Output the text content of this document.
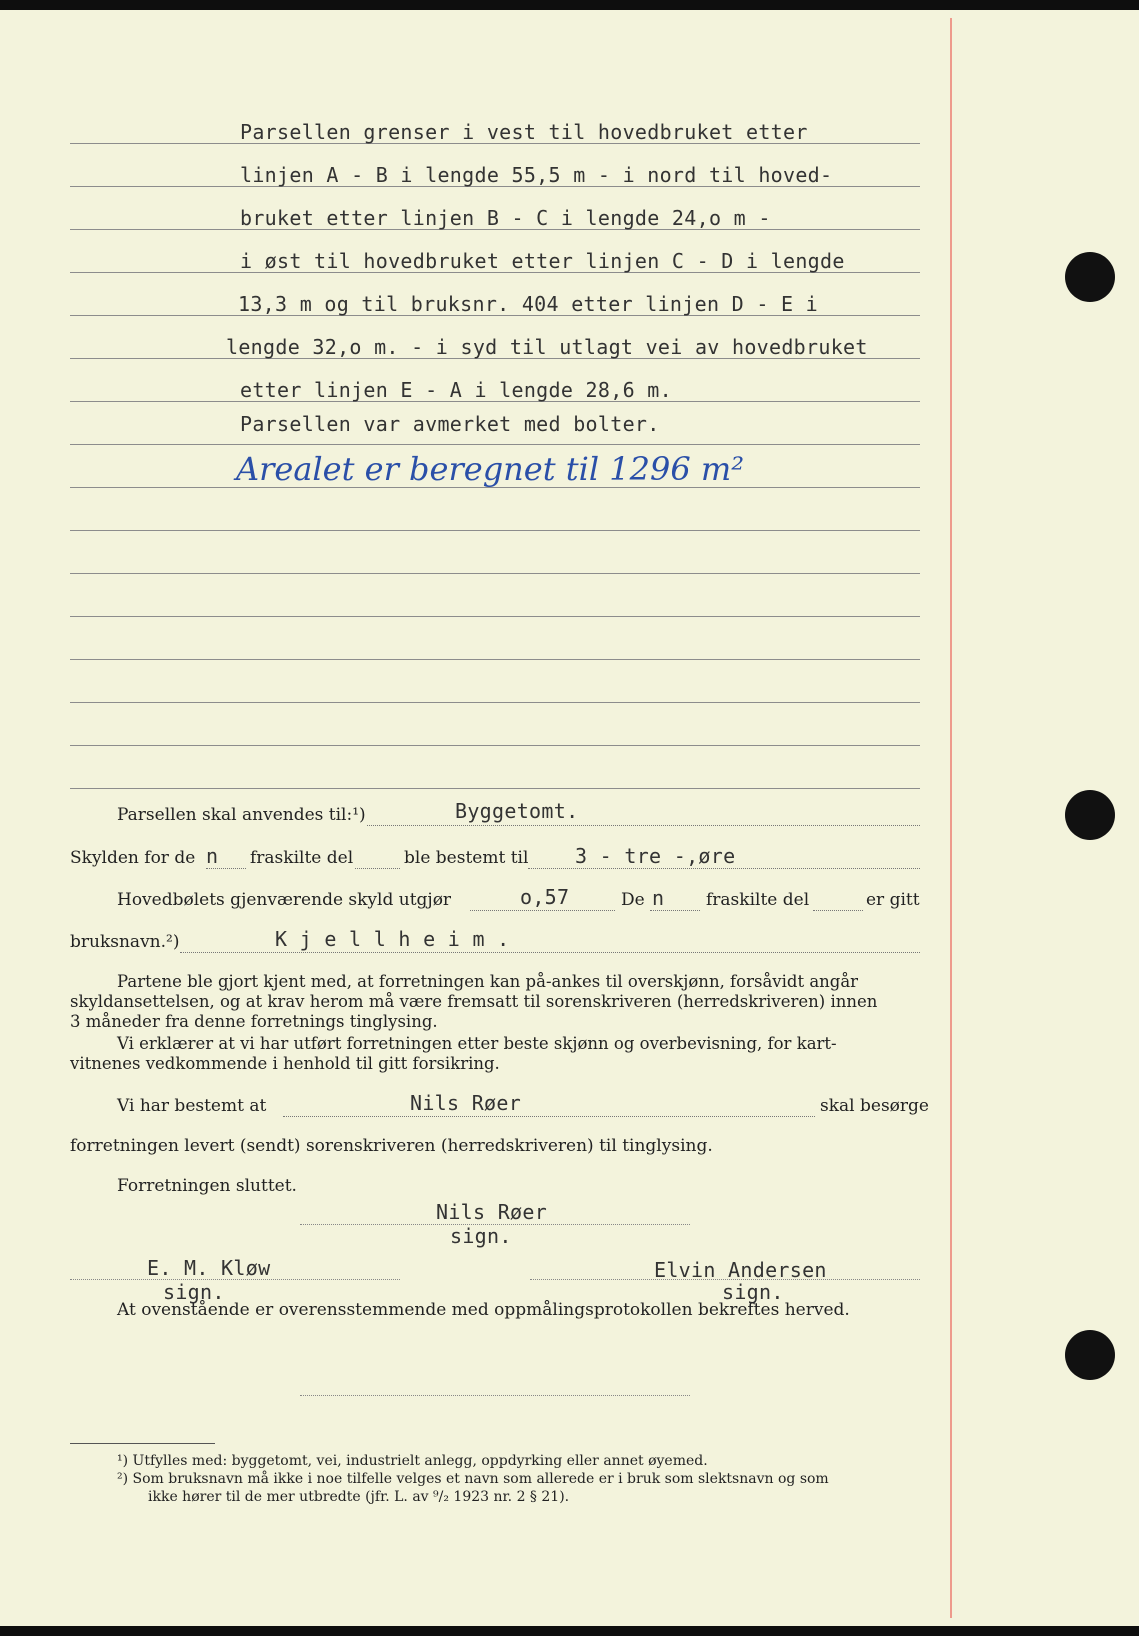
Parsellen grenser i vest til hovedbruket etter
linjen A - B i lengde 55,5 m - i nord til hoved-
bruket etter linjen B - C i lengde 24,o m -
i øst til hovedbruket etter linjen C - D i lengde
13,3 m og til bruksnr. 404 etter linjen D - E i
lengde 32,o m. - i syd til utlagt vei av hovedbruket
etter linjen E - A i lengde 28,6 m.
Parsellen var avmerket med bolter.
Arealet er beregnet til 1296 m²
Parsellen skal anvendes til:¹)	Byggetomt.
Skylden for de n fraskilte del	ble bestemt til 3 - tre -,øre
Hovedbølets gjenværende skyld utgjør	o,57	De n fraskilte del	er gitt
bruksnavn.²)	K j e l l h e i m .
Partene ble gjort kjent med, at forretningen kan på-ankes til overskjønn, forsåvidt angår
skyldansettelsen, og at krav herom må være fremsatt til sorenskriveren (herredskriveren) innen
3 måneder fra denne forretnings tinglysing.
Vi erklærer at vi har utført forretningen etter beste skjønn og overbevisning, for kart-
vitnenes vedkommende i henhold til gitt forsikring.
Vi har bestemt at	Nils Røer	skal besørge
forretningen levert (sendt) sorenskriveren (herredskriveren) til tinglysing.
Forretningen sluttet.
Nils Røer
sign.
E. M. Kløw
sign.
Elvin Andersen
sign.
At ovenstående er overensstemmende med oppmålingsprotokollen bekreftes herved.
¹) Utfylles med: byggetomt, vei, industrielt anlegg, oppdyrking eller annet øyemed.
²) Som bruksnavn må ikke i noe tilfelle velges et navn som allerede er i bruk som slektsnavn og som
ikke hører til de mer utbredte (jfr. L. av ⁹/₂ 1923 nr. 2 § 21).
